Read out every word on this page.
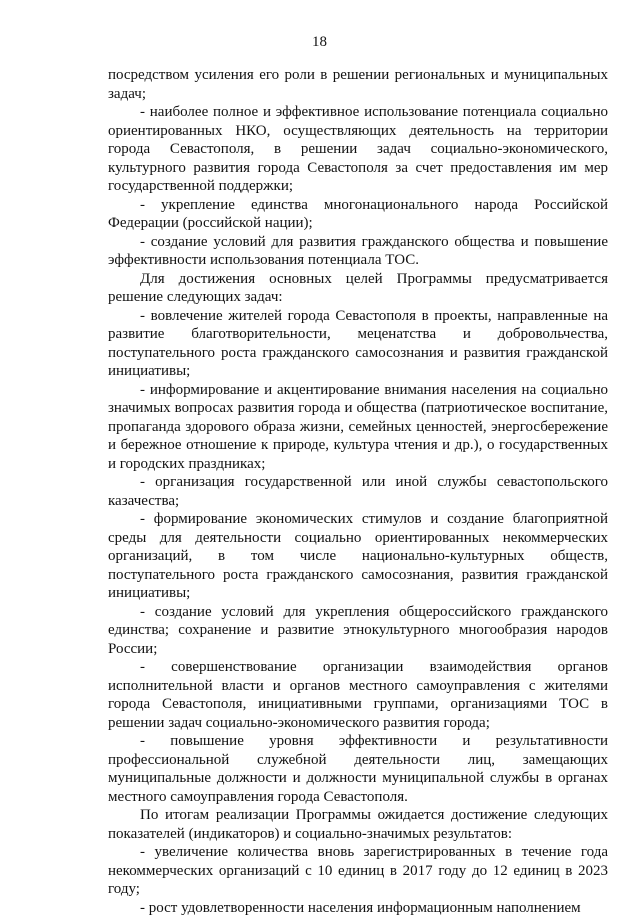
18

посредством усиления его роли в решении региональных и муниципальных задач;

- наиболее полное и эффективное использование потенциала социально ориентированных НКО, осуществляющих деятельность на территории города Севастополя, в решении задач социально-экономического, культурного развития города Севастополя за счет предоставления им мер государственной поддержки;

- укрепление единства многонационального народа Российской Федерации (российской нации);

- создание условий для развития гражданского общества и повышение эффективности использования потенциала ТОС.

Для достижения основных целей Программы предусматривается решение следующих задач:

- вовлечение жителей города Севастополя в проекты, направленные на развитие благотворительности, меценатства и добровольчества, поступательного роста гражданского самосознания и развития гражданской инициативы;

- информирование и акцентирование внимания населения на социально значимых вопросах развития города и общества (патриотическое воспитание, пропаганда здорового образа жизни, семейных ценностей, энергосбережение и бережное отношение к природе, культура чтения и др.), о государственных и городских праздниках;

- организация государственной или иной службы севастопольского казачества;

- формирование экономических стимулов и создание благоприятной среды для деятельности социально ориентированных некоммерческих организаций, в том числе национально-культурных обществ, поступательного роста гражданского самосознания, развития гражданской инициативы;

- создание условий для укрепления общероссийского гражданского единства; сохранение и развитие этнокультурного многообразия народов России;

- совершенствование организации взаимодействия органов исполнительной власти и органов местного самоуправления с жителями города Севастополя, инициативными группами, организациями ТОС в решении задач социально-экономического развития города;

- повышение уровня эффективности и результативности профессиональной служебной деятельности лиц, замещающих муниципальные должности и должности муниципальной службы в органах местного самоуправления города Севастополя.

По итогам реализации Программы ожидается достижение следующих показателей (индикаторов) и социально-значимых результатов:

- увеличение количества вновь зарегистрированных в течение года некоммерческих организаций с 10 единиц в 2017 году до 12 единиц в 2023 году;

- рост удовлетворенности населения информационным наполнением
